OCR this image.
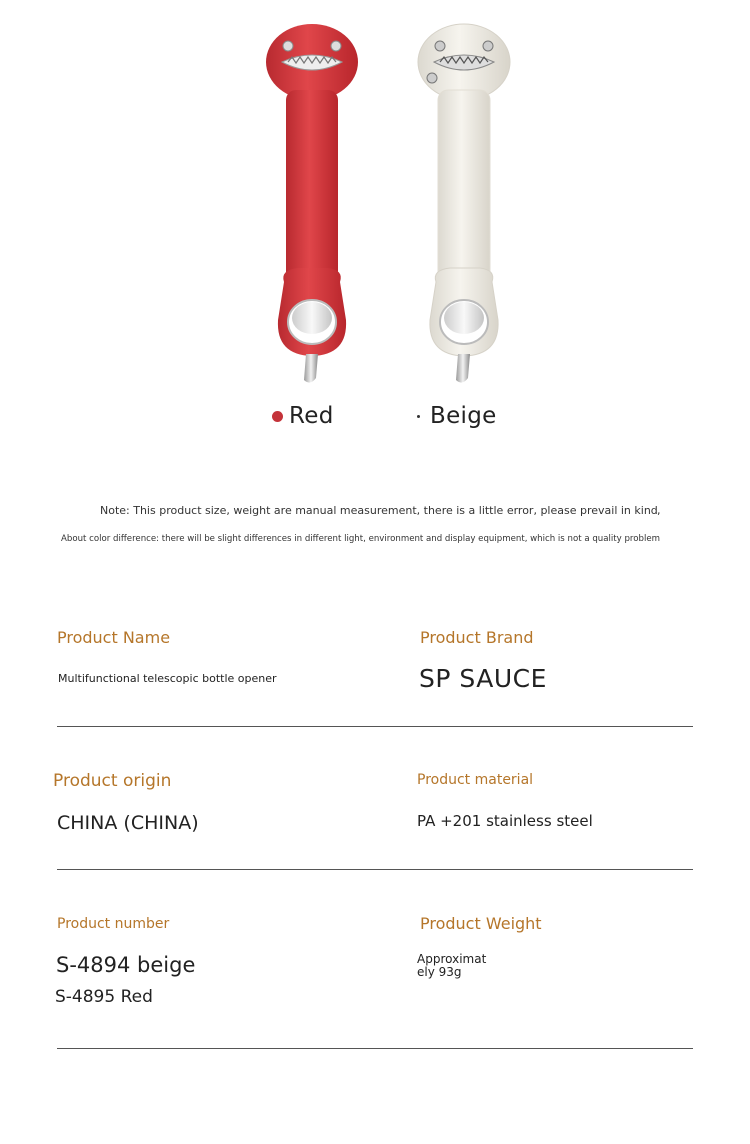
Red	Beige
Note: This product size, weight are manual measurement, there is a little error, please prevail in kind ,
About color difference: there will be slight differences in different light, environment and display equipment, which is not a quality problem
Product Name
Multifunctional telescopic bottle opener
Product Brand
SP SAUCE
Product origin
CHINA (CHINA)
Product material
PA +201 stainless steel
Product number
S-4894 beige
S-4895 Red
Product Weight
Approximat
ely 93g
